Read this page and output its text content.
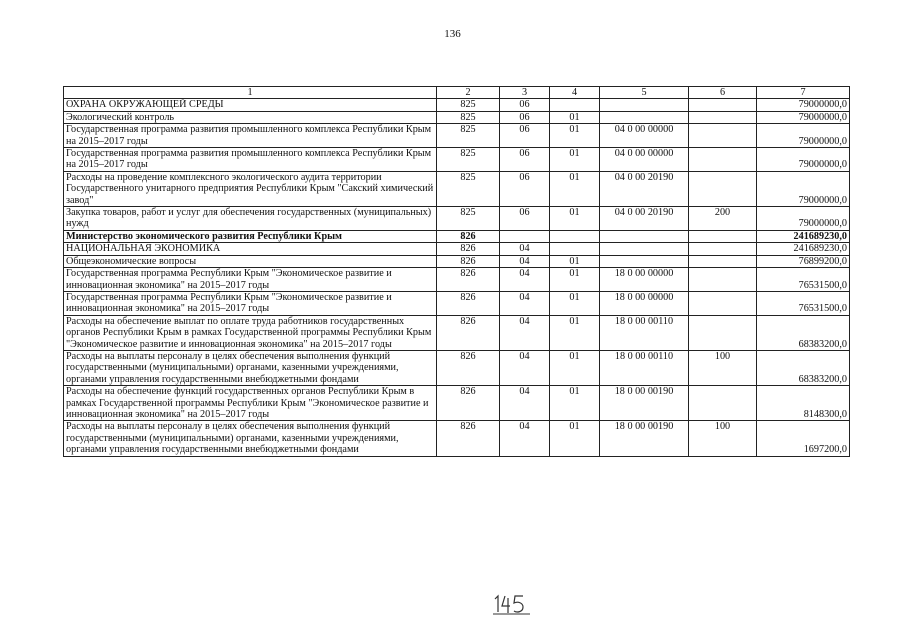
136
1	2	3	4	5	6	7
ОХРАНА ОКРУЖАЮЩЕЙ СРЕДЫ	825	06				79000000,0
Экологический контроль	825	06	01			79000000,0
Государственная программа развития промышленного комплекса Республики Крым на 2015–2017 годы	825	06	01	04 0 00 00000		79000000,0
Государственная программа развития промышленного комплекса Республики Крым на 2015–2017 годы	825	06	01	04 0 00 00000		79000000,0
Расходы на проведение комплексного экологического аудита территории Государственного унитарного предприятия Республики Крым "Сакский химический завод"	825	06	01	04 0 00 20190		79000000,0
Закупка товаров, работ и услуг для обеспечения государственных (муниципальных) нужд	825	06	01	04 0 00 20190	200	79000000,0
Министерство экономического развития Республики Крым	826					241689230,0
НАЦИОНАЛЬНАЯ ЭКОНОМИКА	826	04				241689230,0
Общеэкономические вопросы	826	04	01			76899200,0
Государственная программа Республики Крым "Экономическое развитие и инновационная экономика" на 2015–2017 годы	826	04	01	18 0 00 00000		76531500,0
Государственная программа Республики Крым "Экономическое развитие и инновационная экономика" на 2015–2017 годы	826	04	01	18 0 00 00000		76531500,0
Расходы на обеспечение выплат по оплате труда работников государственных органов Республики Крым в рамках Государственной программы Республики Крым "Экономическое развитие и инновационная экономика" на 2015–2017 годы	826	04	01	18 0 00 00110		68383200,0
Расходы на выплаты персоналу в целях обеспечения выполнения функций государственными (муниципальными) органами, казенными учреждениями, органами управления государственными внебюджетными фондами	826	04	01	18 0 00 00110	100	68383200,0
Расходы на обеспечение функций государственных органов Республики Крым в рамках Государственной программы Республики Крым "Экономическое развитие и инновационная экономика" на 2015–2017 годы	826	04	01	18 0 00 00190		8148300,0
Расходы на выплаты персоналу в целях обеспечения выполнения функций государственными (муниципальными) органами, казенными учреждениями, органами управления государственными внебюджетными фондами	826	04	01	18 0 00 00190	100	1697200,0
